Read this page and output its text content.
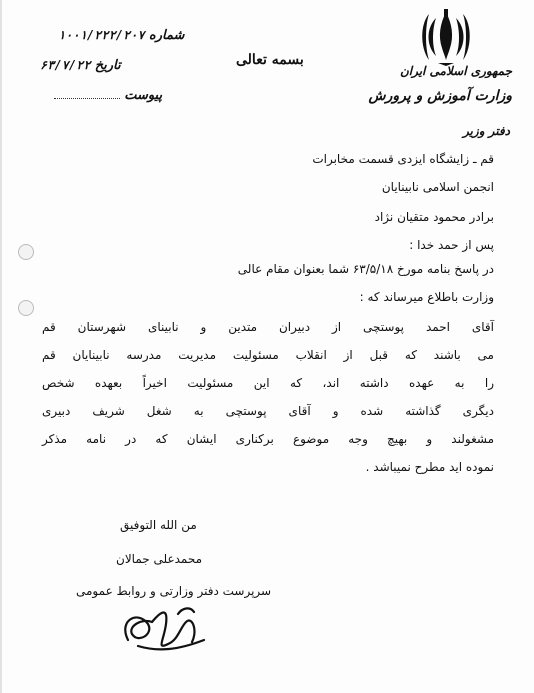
جمهوری اسلامی ایران
وزارت آموزش و پرورش
دفتر وزیر
بسمه تعالی
شماره ۱۰۰۱/۲۲۲/۲۰۷
تاریخ ۶۳/۷/۲۲
پیوست
قم ـ زایشگاه ایزدی قسمت مخابرات
انجمن اسلامی نابینایان
برادر محمود متقیان نژاد
پس از حمد خدا :
در پاسخ بنامه مورخ ۶۳/۵/۱۸ شما بعنوان مقام عالی
وزارت باطلاع میرساند که :
آقای احمد پوستچی از دبیران متدین و نابینای شهرستان قم
می باشند که قبل از انقلاب مسئولیت مدیریت مدرسه نابینایان قم
را به عهده داشته اند، که این مسئولیت اخیراً بعهده شخص
دیگری گذاشته شده و آقای پوستچی به شغل شریف دبیری
مشغولند و بهیچ وجه موضوع برکناری ایشان که در نامه مذکر
نموده اید مطرح نمیباشد .
من الله التوفیق
محمدعلی جمالان
سرپرست دفتر وزارتی و روابط عمومی
